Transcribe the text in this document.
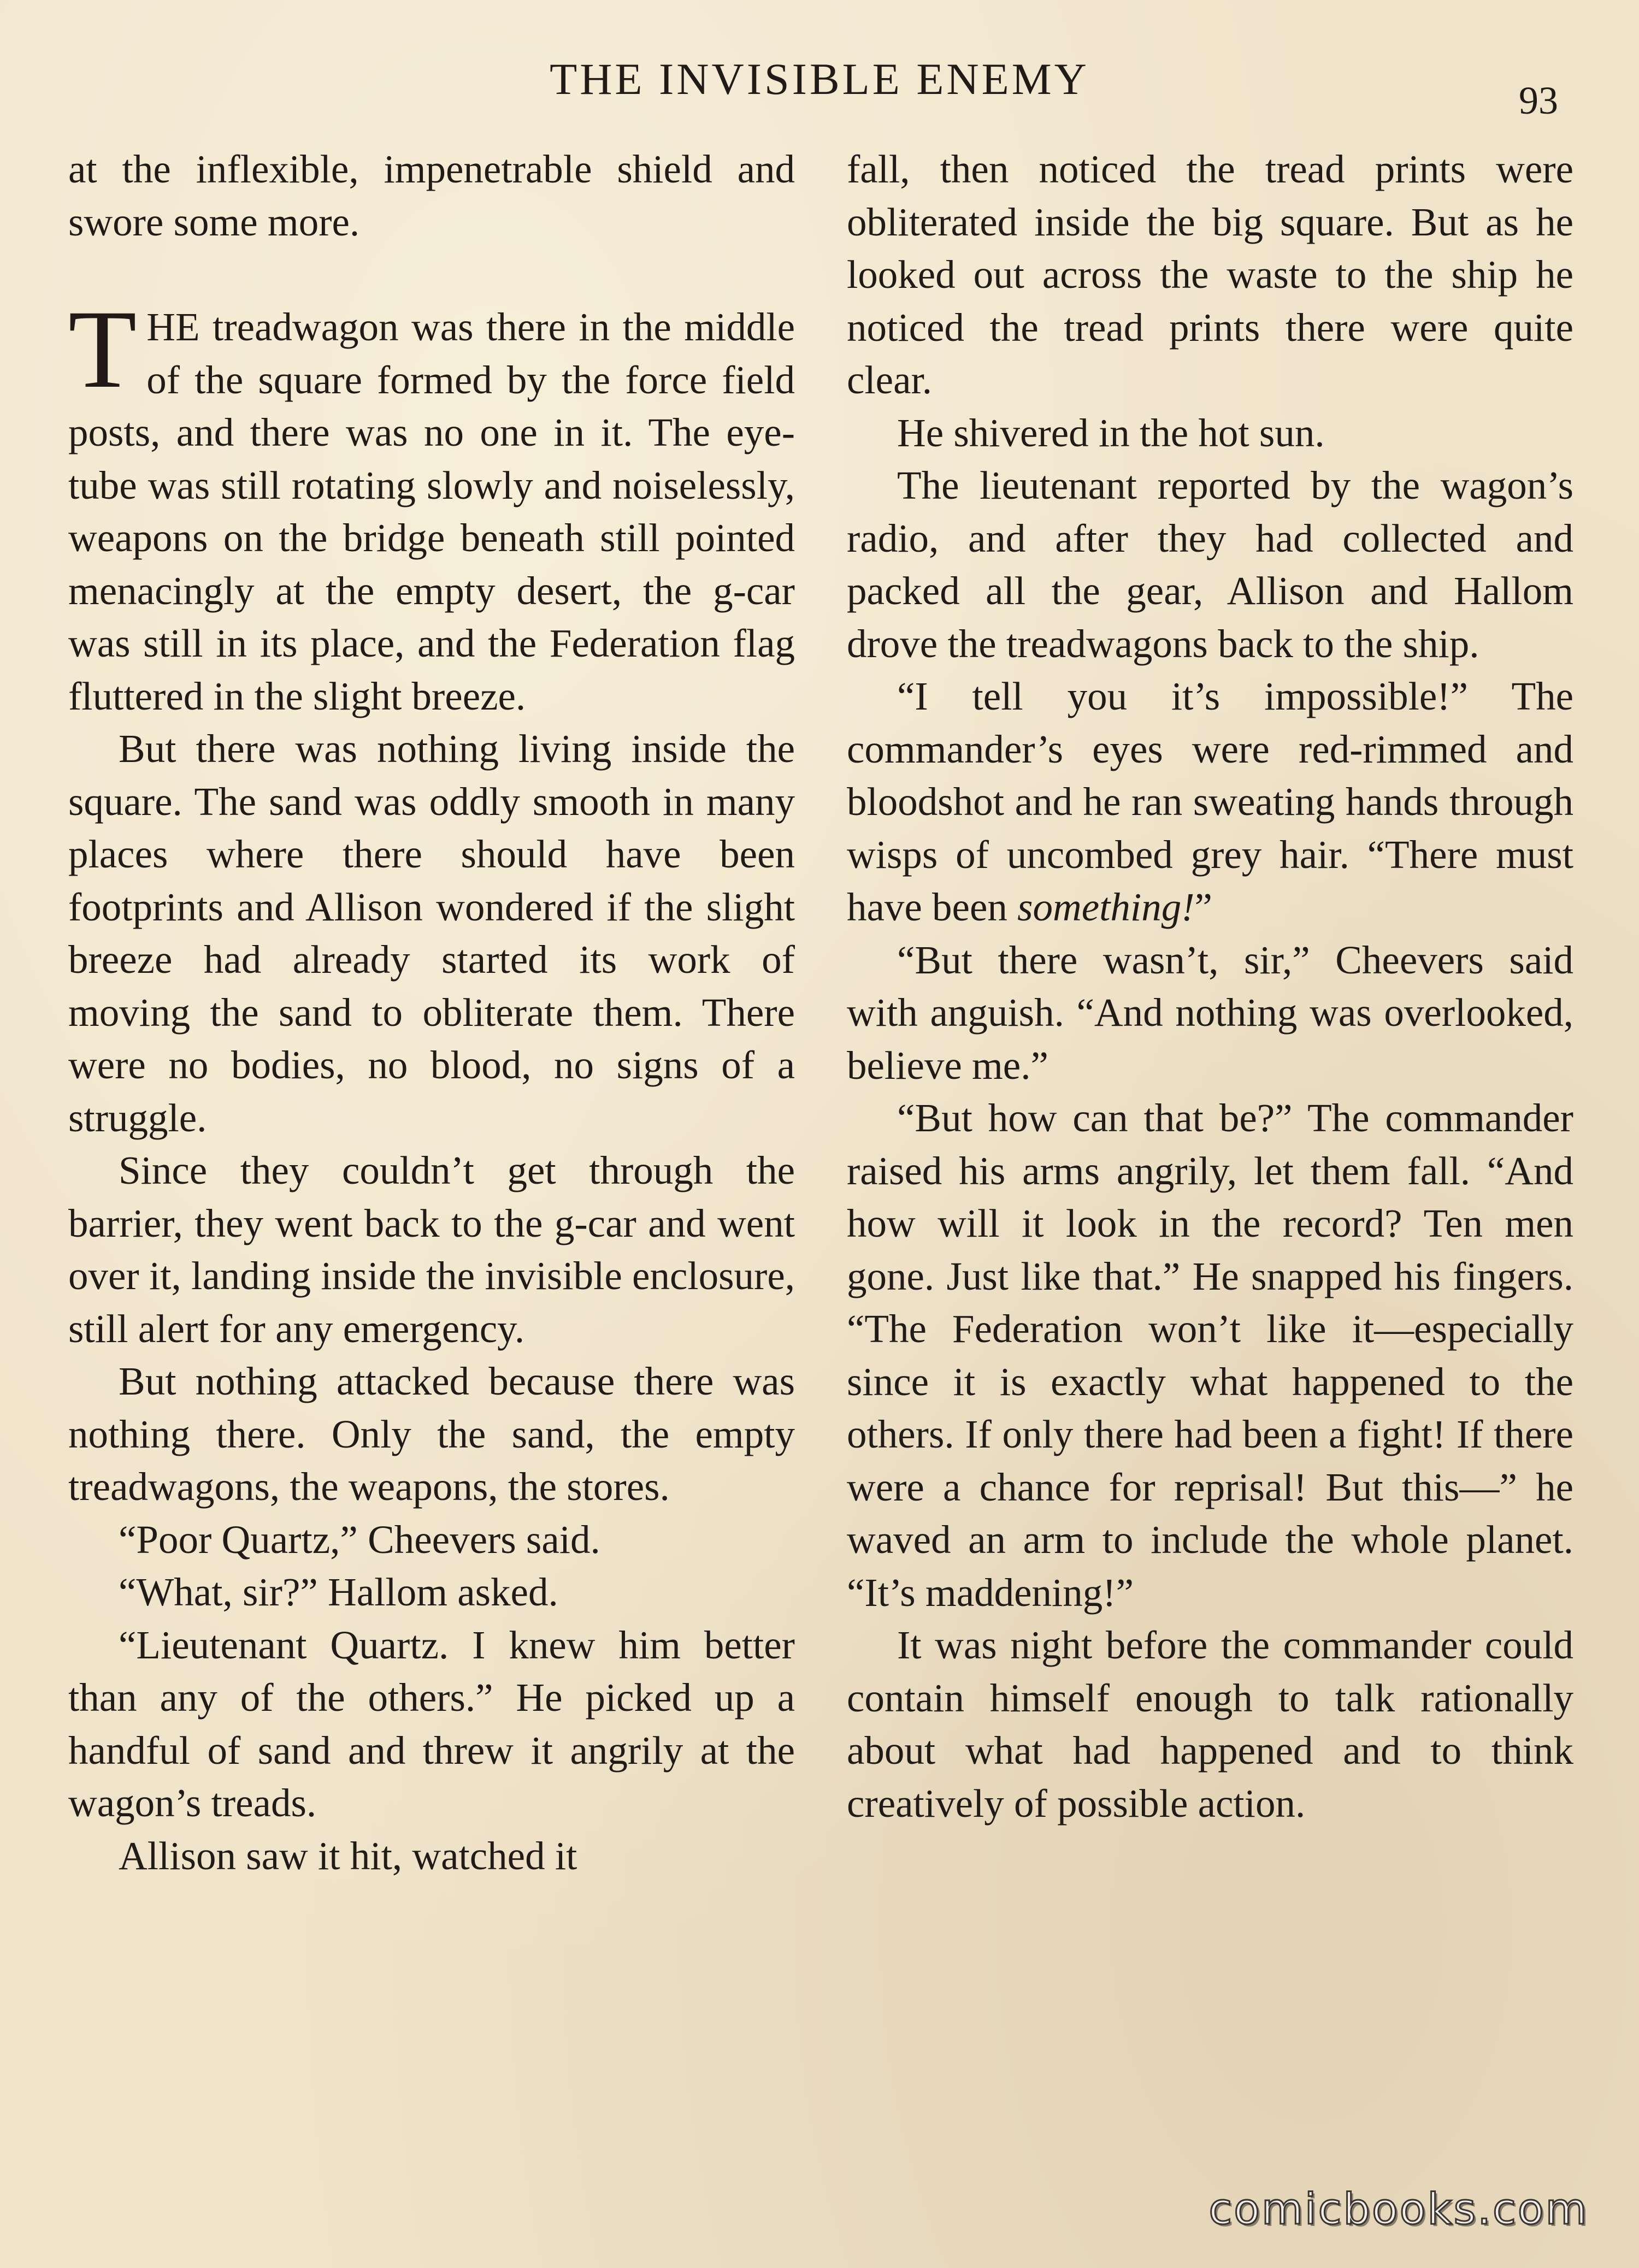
THE INVISIBLE ENEMY	93

at the inflexible, impenetrable shield and swore some more.

THE treadwagon was there in the middle of the square formed by the force field posts, and there was no one in it. The eye-tube was still rotating slowly and noiselessly, weapons on the bridge beneath still pointed menacingly at the empty desert, the g-car was still in its place, and the Federation flag fluttered in the slight breeze.

But there was nothing living inside the square. The sand was oddly smooth in many places where there should have been footprints and Allison wondered if the slight breeze had already started its work of moving the sand to obliterate them. There were no bodies, no blood, no signs of a struggle.

Since they couldn’t get through the barrier, they went back to the g-car and went over it, landing inside the invisible enclosure, still alert for any emergency.

But nothing attacked because there was nothing there. Only the sand, the empty treadwagons, the weapons, the stores.

“Poor Quartz,” Cheevers said.

“What, sir?” Hallom asked.

“Lieutenant Quartz. I knew him better than any of the others.” He picked up a handful of sand and threw it angrily at the wagon’s treads.

Allison saw it hit, watched it

fall, then noticed the tread prints were obliterated inside the big square. But as he looked out across the waste to the ship he noticed the tread prints there were quite clear.

He shivered in the hot sun.

The lieutenant reported by the wagon’s radio, and after they had collected and packed all the gear, Allison and Hallom drove the treadwagons back to the ship.

“I tell you it’s impossible!” The commander’s eyes were red-rimmed and bloodshot and he ran sweating hands through wisps of uncombed grey hair. “There must have been something!”

“But there wasn’t, sir,” Cheevers said with anguish. “And nothing was overlooked, believe me.”

“But how can that be?” The commander raised his arms angrily, let them fall. “And how will it look in the record? Ten men gone. Just like that.” He snapped his fingers. “The Federation won’t like it—especially since it is exactly what happened to the others. If only there had been a fight! If there were a chance for reprisal! But this—” he waved an arm to include the whole planet. “It’s maddening!”

It was night before the commander could contain himself enough to talk rationally about what had happened and to think creatively of possible action.

comicbooks.com
